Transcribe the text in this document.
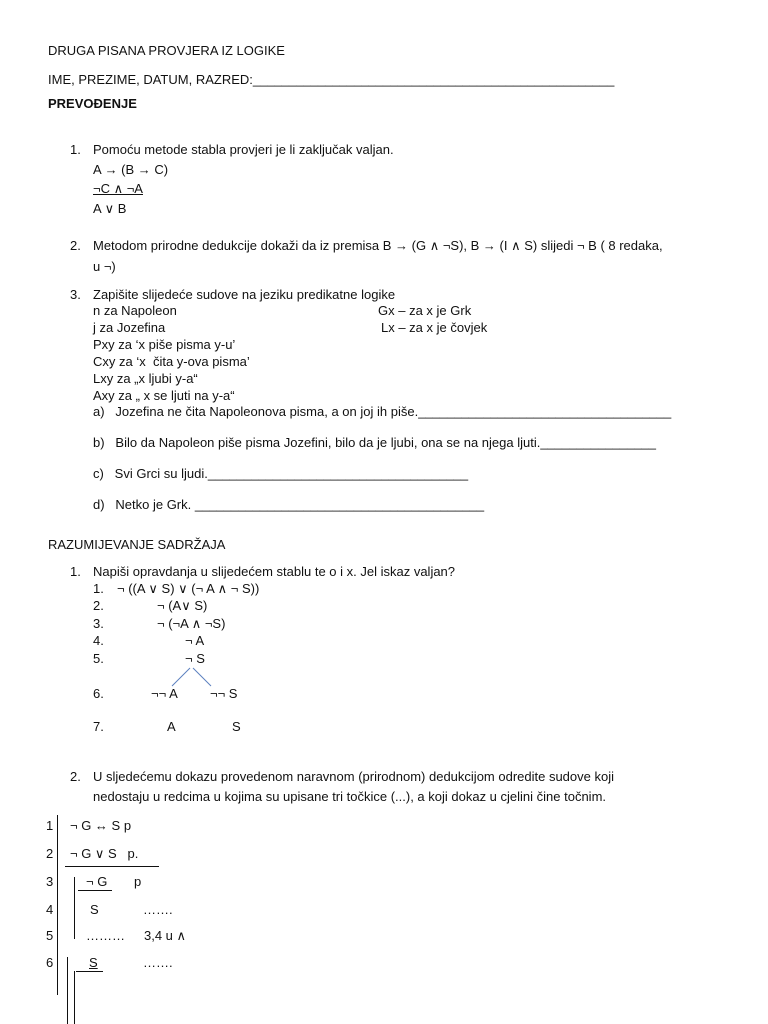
DRUGA PISANA PROVJERA IZ LOGIKE
IME, PREZIME, DATUM, RAZRED:__________________________________________________
PREVOĐENJE
1. Pomoću metode stabla provjeri je li zaključak valjan.
A → (B → C)
¬C ∧ ¬A
A ∨ B
2. Metodom prirodne dedukcije dokaži da iz premisa B → (G ∧ ¬S), B → (I ∧ S) slijedi ¬ B ( 8 redaka,
u ¬)
3. Zapišite slijedeće sudove na jeziku predikatne logike
n za Napoleon	Gx – za x je Grk
j za Jozefina	Lx – za x je čovjek
Pxy za ‘x piše pisma y-u’
Cxy za ‘x  čita y-ova pisma’
Lxy za „x ljubi y-a“
Axy za „ x se ljuti na y-a“
a)   Jozefina ne čita Napoleonova pisma, a on joj ih piše.___________________________________
b)   Bilo da Napoleon piše pisma Jozefini, bilo da je ljubi, ona se na njega ljuti.________________
c)   Svi Grci su ljudi.____________________________________
d)   Netko je Grk. ________________________________________
RAZUMIJEVANJE SADRŽAJA
1. Napiši opravdanja u slijedećem stablu te o i x. Jel iskaz valjan?
1. ¬ ((A ∨ S) ∨ (¬ A ∧ ¬ S))
2.	¬ (A∨ S)
3.	¬ (¬A ∧ ¬S)
4.	¬ A
5.	¬ S
6.	¬¬ A ¬¬ S
7.	A	S
2. U sljedećemu dokazu provedenom naravnom (prirodnom) dedukcijom odredite sudove koji
nedostaju u redcima u kojima su upisane tri točkice (...), a koji dokaz u cjelini čine točnim.
1 ¬ G ↔ S p
2 ¬ G ∨ S   p.
3	¬ G p
4	S	…….
5	……… 3,4 u ∧
6	S	…….
